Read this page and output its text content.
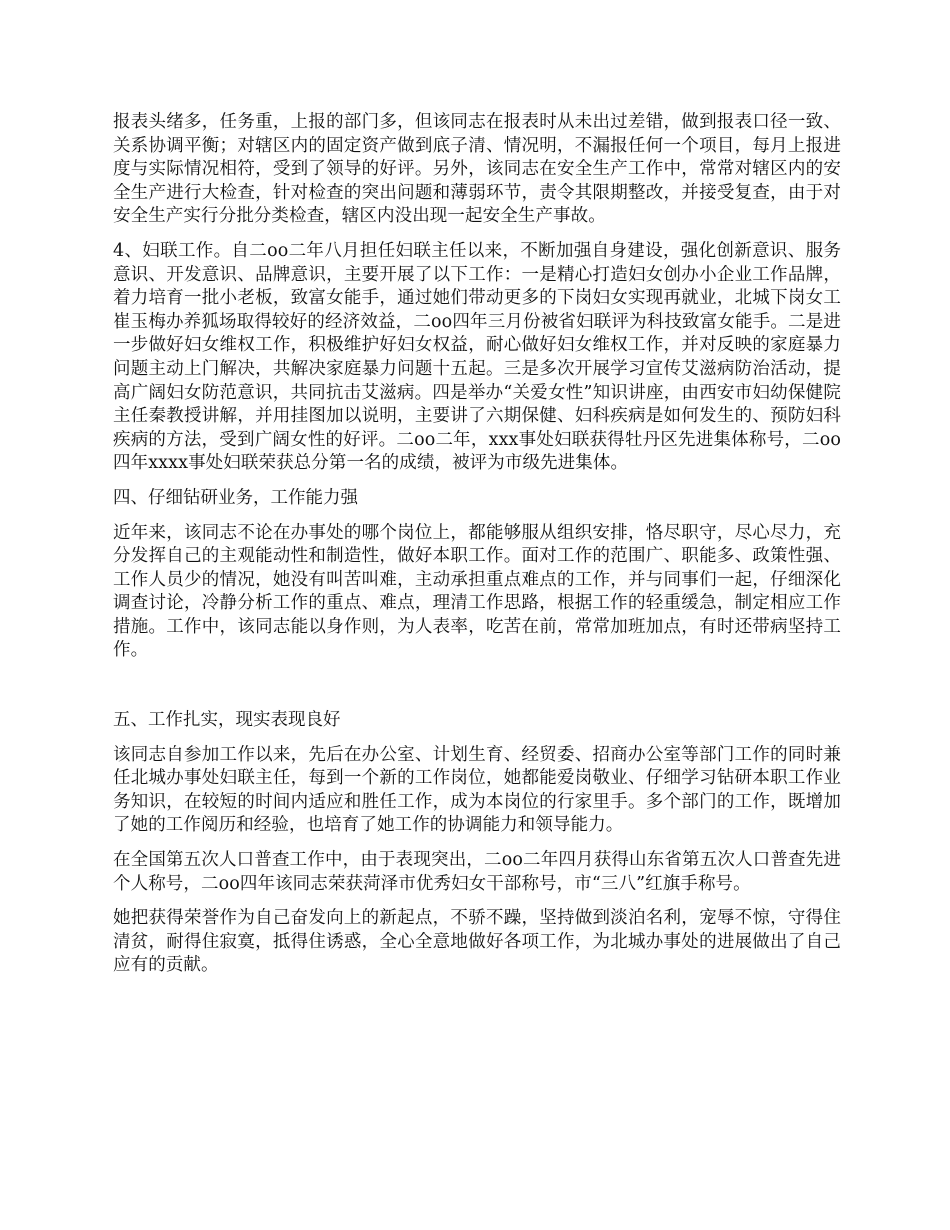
报表头绪多，任务重，上报的部门多，但该同志在报表时从未出过差错，做到报表口径一致、关系协调平衡；对辖区内的固定资产做到底子清、情况明，不漏报任何一个项目，每月上报进度与实际情况相符，受到了领导的好评。另外，该同志在安全生产工作中，常常对辖区内的安全生产进行大检查，针对检查的突出问题和薄弱环节，责令其限期整改，并接受复查，由于对安全生产实行分批分类检查，辖区内没出现一起安全生产事故。

4、妇联工作。自二oo二年八月担任妇联主任以来，不断加强自身建设，强化创新意识、服务意识、开发意识、品牌意识，主要开展了以下工作：一是精心打造妇女创办小企业工作品牌，着力培育一批小老板，致富女能手，通过她们带动更多的下岗妇女实现再就业，北城下岗女工崔玉梅办养狐场取得较好的经济效益，二oo四年三月份被省妇联评为科技致富女能手。二是进一步做好妇女维权工作，积极维护好妇女权益，耐心做好妇女维权工作，并对反映的家庭暴力问题主动上门解决，共解决家庭暴力问题十五起。三是多次开展学习宣传艾滋病防治活动，提高广阔妇女防范意识，共同抗击艾滋病。四是举办“关爱女性”知识讲座，由西安市妇幼保健院主任秦教授讲解，并用挂图加以说明，主要讲了六期保健、妇科疾病是如何发生的、预防妇科疾病的方法，受到广阔女性的好评。二oo二年，xxx事处妇联获得牡丹区先进集体称号，二oo四年xxxx事处妇联荣获总分第一名的成绩，被评为市级先进集体。

四、仔细钻研业务，工作能力强

近年来，该同志不论在办事处的哪个岗位上，都能够服从组织安排，恪尽职守，尽心尽力，充分发挥自己的主观能动性和制造性，做好本职工作。面对工作的范围广、职能多、政策性强、工作人员少的情况，她没有叫苦叫难，主动承担重点难点的工作，并与同事们一起，仔细深化调查讨论，冷静分析工作的重点、难点，理清工作思路，根据工作的轻重缓急，制定相应工作措施。工作中，该同志能以身作则，为人表率，吃苦在前，常常加班加点，有时还带病坚持工作。

五、工作扎实，现实表现良好

该同志自参加工作以来，先后在办公室、计划生育、经贸委、招商办公室等部门工作的同时兼任北城办事处妇联主任，每到一个新的工作岗位，她都能爱岗敬业、仔细学习钻研本职工作业务知识，在较短的时间内适应和胜任工作，成为本岗位的行家里手。多个部门的工作，既增加了她的工作阅历和经验，也培育了她工作的协调能力和领导能力。

在全国第五次人口普查工作中，由于表现突出，二oo二年四月获得山东省第五次人口普查先进个人称号，二oo四年该同志荣获菏泽市优秀妇女干部称号，市“三八”红旗手称号。

她把获得荣誉作为自己奋发向上的新起点，不骄不躁，坚持做到淡泊名利，宠辱不惊，守得住清贫，耐得住寂寞，抵得住诱惑，全心全意地做好各项工作，为北城办事处的进展做出了自己应有的贡献。
